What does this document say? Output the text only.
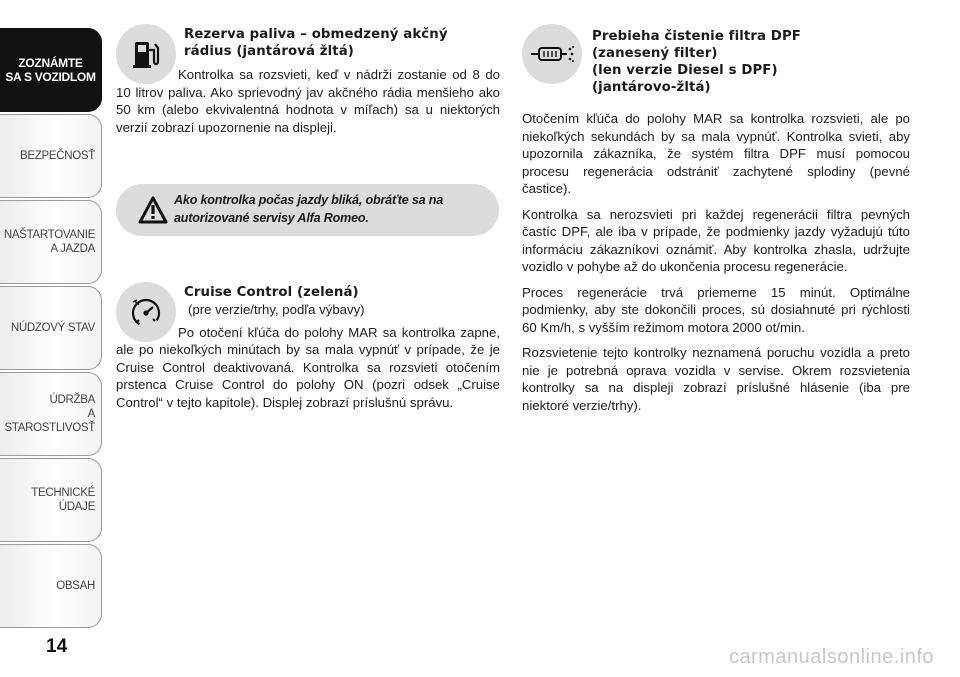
ZOZNÁMTE
SA S VOZIDLOM
BEZPEČNOSŤ
NAŠTARTOVANIE
A JAZDA
NÚDZOVÝ STAV
ÚDRŽBA
A STAROSTLIVOSŤ
TECHNICKÉ
ÚDAJE
OBSAH
14
Rezerva paliva – obmedzený akčný rádius (jantárová žltá)

Kontrolka sa rozsvieti, keď v nádrži zostanie od 8 do 10 litrov paliva. Ako sprievodný jav akčného rádia menšieho ako 50 km (alebo ekvivalentná hodnota v míľach) sa u niektorých verzií zobrazí upozornenie na displeji.

Cruise Control (zelená)
(pre verzie/trhy, podľa výbavy)

Po otočení kľúča do polohy MAR sa kontrolka zapne, ale po niekoľkých minútach by sa mala vypnúť v prípade, že je Cruise Control deaktivovaná. Kontrolka sa rozsvieti otočením prstenca Cruise Control do polohy ON (pozri odsek „Cruise Control“ v tejto kapitole). Displej zobrazí príslušnú správu.

Ako kontrolka počas jazdy bliká, obráťte sa na autorizované servisy Alfa Romeo.
Prebieha čistenie filtra DPF
(zanesený filter)
(len verzie Diesel s DPF)
(jantárovo-žltá)

Otočením kľúča do polohy MAR sa kontrolka rozsvieti, ale po niekoľkých sekundách by sa mala vypnúť. Kontrolka svieti, aby upozornila zákazníka, že systém filtra DPF musí pomocou procesu regenerácia odstrániť zachytené splodiny (pevné častice).

Kontrolka sa nerozsvieti pri každej regenerácii filtra pevných častíc DPF, ale iba v prípade, že podmienky jazdy vyžadujú túto informáciu zákazníkovi oznámiť. Aby kontrolka zhasla, udržujte vozidlo v pohybe až do ukončenia procesu regenerácie.

Proces regenerácie trvá priemerne 15 minút. Optimálne podmienky, aby ste dokončili proces, sú dosiahnuté pri rýchlosti 60 Km/h, s vyšším režimom motora 2000 ot/min.

Rozsvietenie tejto kontrolky neznamená poruchu vozidla a preto nie je potrebná oprava vozidla v servise. Okrem rozsvietenia kontrolky sa na displeji zobrazí príslušné hlásenie (iba pre niektoré verzie/trhy).

carmanualsonline.info
